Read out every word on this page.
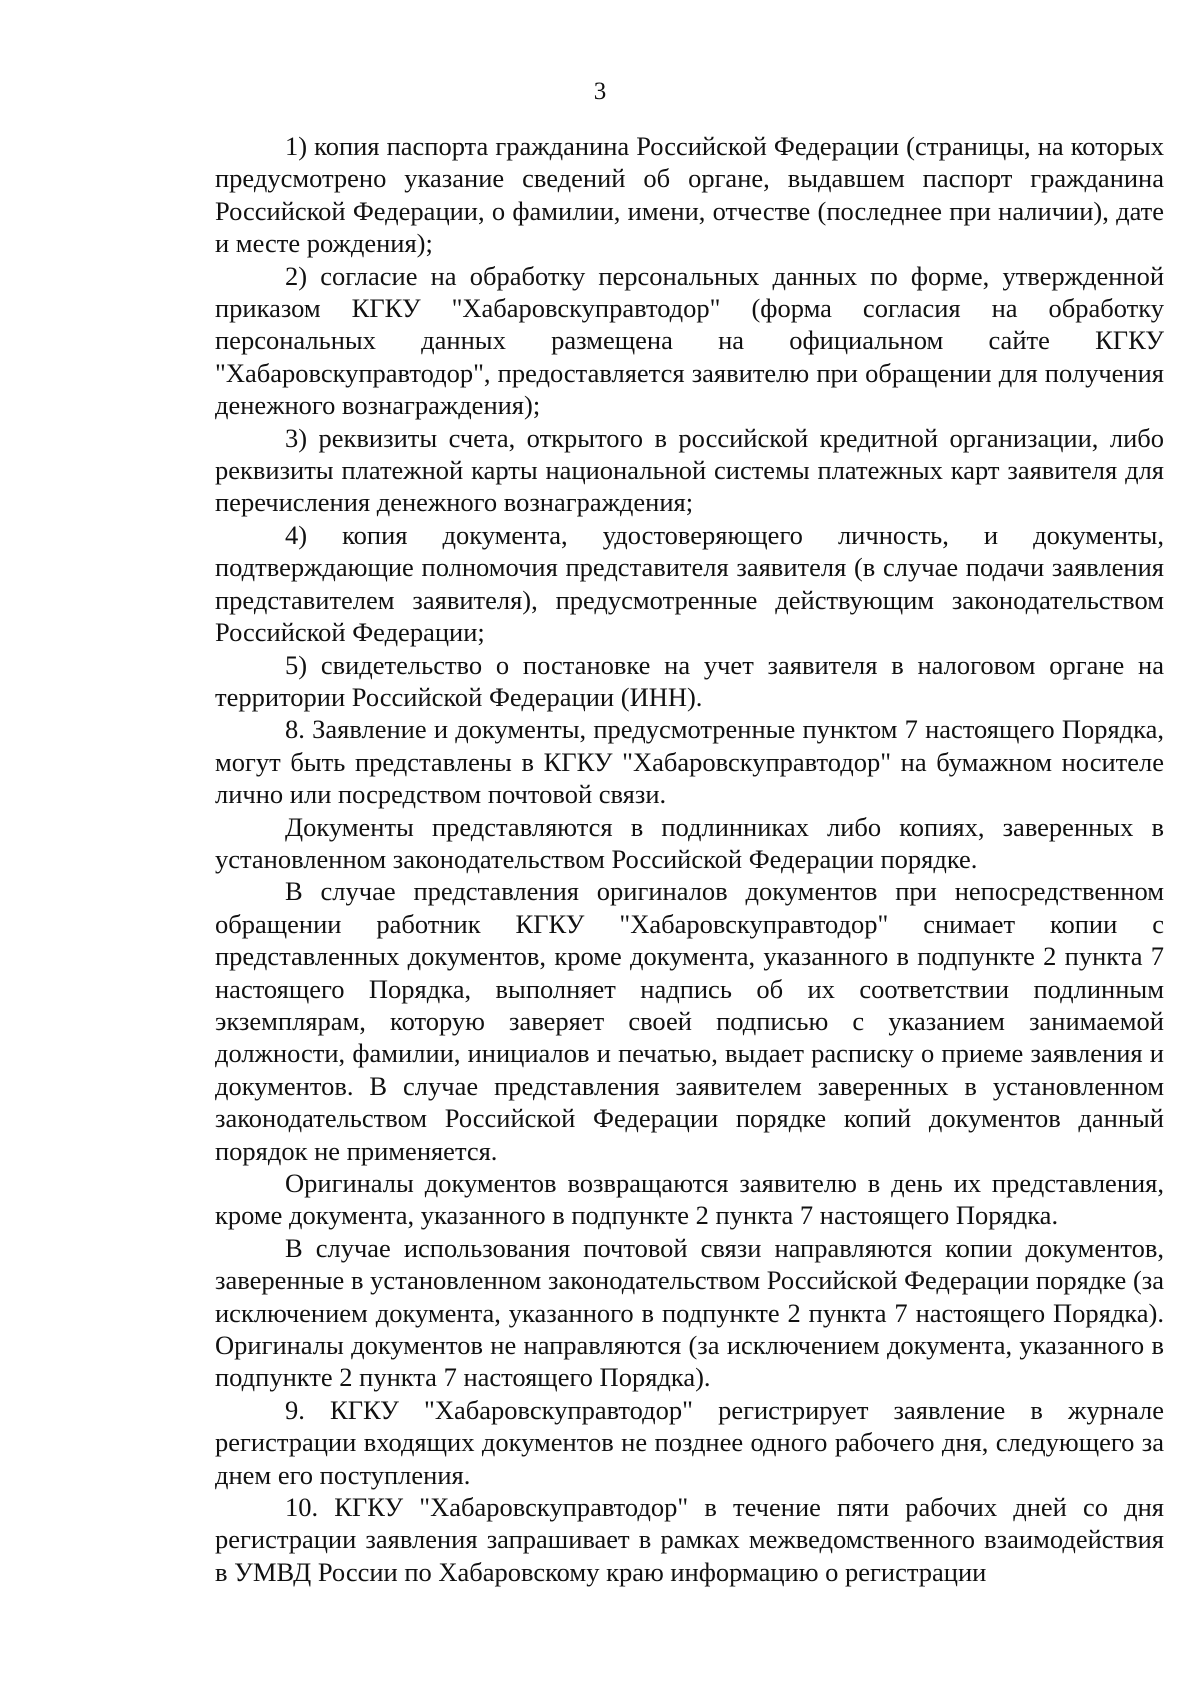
3

1) копия паспорта гражданина Российской Федерации (страницы, на которых предусмотрено указание сведений об органе, выдавшем паспорт гражданина Российской Федерации, о фамилии, имени, отчестве (последнее при наличии), дате и месте рождения);

2) согласие на обработку персональных данных по форме, утвержденной приказом КГКУ "Хабаровскуправтодор" (форма согласия на обработку персональных данных размещена на официальном сайте КГКУ "Хабаровскуправтодор", предоставляется заявителю при обращении для получения денежного вознаграждения);

3) реквизиты счета, открытого в российской кредитной организации, либо реквизиты платежной карты национальной системы платежных карт заявителя для перечисления денежного вознаграждения;

4) копия документа, удостоверяющего личность, и документы, подтверждающие полномочия представителя заявителя (в случае подачи заявления представителем заявителя), предусмотренные действующим законодательством Российской Федерации;

5) свидетельство о постановке на учет заявителя в налоговом органе на территории Российской Федерации (ИНН).

8. Заявление и документы, предусмотренные пунктом 7 настоящего Порядка, могут быть представлены в КГКУ "Хабаровскуправтодор" на бумажном носителе лично или посредством почтовой связи.

Документы представляются в подлинниках либо копиях, заверенных в установленном законодательством Российской Федерации порядке.

В случае представления оригиналов документов при непосредственном обращении работник КГКУ "Хабаровскуправтодор" снимает копии с представленных документов, кроме документа, указанного в подпункте 2 пункта 7 настоящего Порядка, выполняет надпись об их соответствии подлинным экземплярам, которую заверяет своей подписью с указанием занимаемой должности, фамилии, инициалов и печатью, выдает расписку о приеме заявления и документов. В случае представления заявителем заверенных в установленном законодательством Российской Федерации порядке копий документов данный порядок не применяется.

Оригиналы документов возвращаются заявителю в день их представления, кроме документа, указанного в подпункте 2 пункта 7 настоящего Порядка.

В случае использования почтовой связи направляются копии документов, заверенные в установленном законодательством Российской Федерации порядке (за исключением документа, указанного в подпункте 2 пункта 7 настоящего Порядка). Оригиналы документов не направляются (за исключением документа, указанного в подпункте 2 пункта 7 настоящего Порядка).

9. КГКУ "Хабаровскуправтодор" регистрирует заявление в журнале регистрации входящих документов не позднее одного рабочего дня, следующего за днем его поступления.

10. КГКУ "Хабаровскуправтодор" в течение пяти рабочих дней со дня регистрации заявления запрашивает в рамках межведомственного взаимодействия в УМВД России по Хабаровскому краю информацию о регистрации
